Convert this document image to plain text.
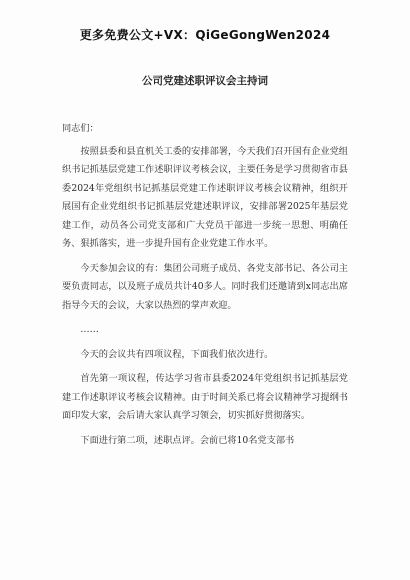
更多免费公文+VX：QiGeGongWen2024
公司党建述职评议会主持词

同志们：

按照县委和县直机关工委的安排部署，今天我们召开国有企业党组织书记抓基层党建工作述职评议考核会议，主要任务是学习贯彻省市县委2024年党组织书记抓基层党建工作述职评议考核会议精神，组织开展国有企业党组织书记抓基层党建述职评议，安排部署2025年基层党建工作，动员各公司党支部和广大党员干部进一步统一思想、明确任务、狠抓落实，进一步提升国有企业党建工作水平。

今天参加会议的有：集团公司班子成员、各党支部书记、各公司主要负责同志，以及班子成员共计40多人。同时我们还邀请到x同志出席指导今天的会议，大家以热烈的掌声欢迎。

……

今天的会议共有四项议程，下面我们依次进行。

首先第一项议程，传达学习省市县委2024年党组织书记抓基层党建工作述职评议考核会议精神。由于时间关系已将会议精神学习提纲书面印发大家，会后请大家认真学习领会，切实抓好贯彻落实。

下面进行第二项，述职点评。会前已将10名党支部书
